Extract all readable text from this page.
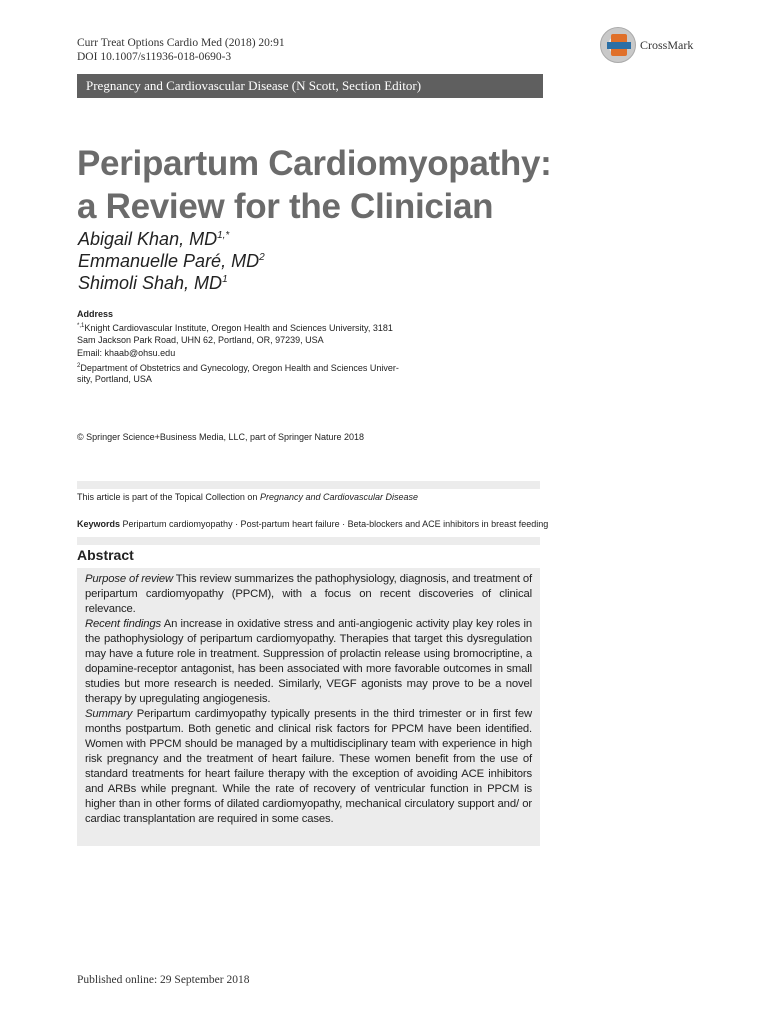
Curr Treat Options Cardio Med (2018) 20:91
DOI 10.1007/s11936-018-0690-3
CrossMark
Pregnancy and Cardiovascular Disease (N Scott, Section Editor)
Peripartum Cardiomyopathy:
a Review for the Clinician
Abigail Khan, $MD^{1,*}$
Emmanuelle Paré, $MD^2$
Shimoli Shah, $MD^1$
Address
$^{*,1}$Knight Cardiovascular Institute, Oregon Health and Sciences University, 3181
Sam Jackson Park Road, UHN 62, Portland, OR, 97239, USA
Email: khaab@ohsu.edu
$^2$Department of Obstetrics and Gynecology, Oregon Health and Sciences Univer-
sity, Portland, USA
© Springer Science+Business Media, LLC, part of Springer Nature 2018
This article is part of the Topical Collection on Pregnancy and Cardiovascular Disease
Keywords Peripartum cardiomyopathy · Post-partum heart failure · Beta-blockers and ACE inhibitors in breast feeding
Abstract

Purpose of review This review summarizes the pathophysiology, diagnosis, and treatment of peripartum cardiomyopathy (PPCM), with a focus on recent discoveries of clinical relevance.

Recent findings An increase in oxidative stress and anti-angiogenic activity play key roles in the pathophysiology of peripartum cardiomyopathy. Therapies that target this dysregulation may have a future role in treatment. Suppression of prolactin release using bromocriptine, a dopamine-receptor antagonist, has been associated with more favorable outcomes in small studies but more research is needed. Similarly, VEGF agonists may prove to be a novel therapy by upregulating angiogenesis.

Summary Peripartum cardimyopathy typically presents in the third trimester or in first few months postpartum. Both genetic and clinical risk factors for PPCM have been identified. Women with PPCM should be managed by a multidisciplinary team with experience in high risk pregnancy and the treatment of heart failure. These women benefit from the use of standard treatments for heart failure therapy with the exception of avoiding ACE inhibitors and ARBs while pregnant. While the rate of recovery of ventricular function in PPCM is higher than in other forms of dilated cardiomyopathy, mechanical circulatory support and/ or cardiac transplantation are required in some cases.

Published online: 29 September 2018
